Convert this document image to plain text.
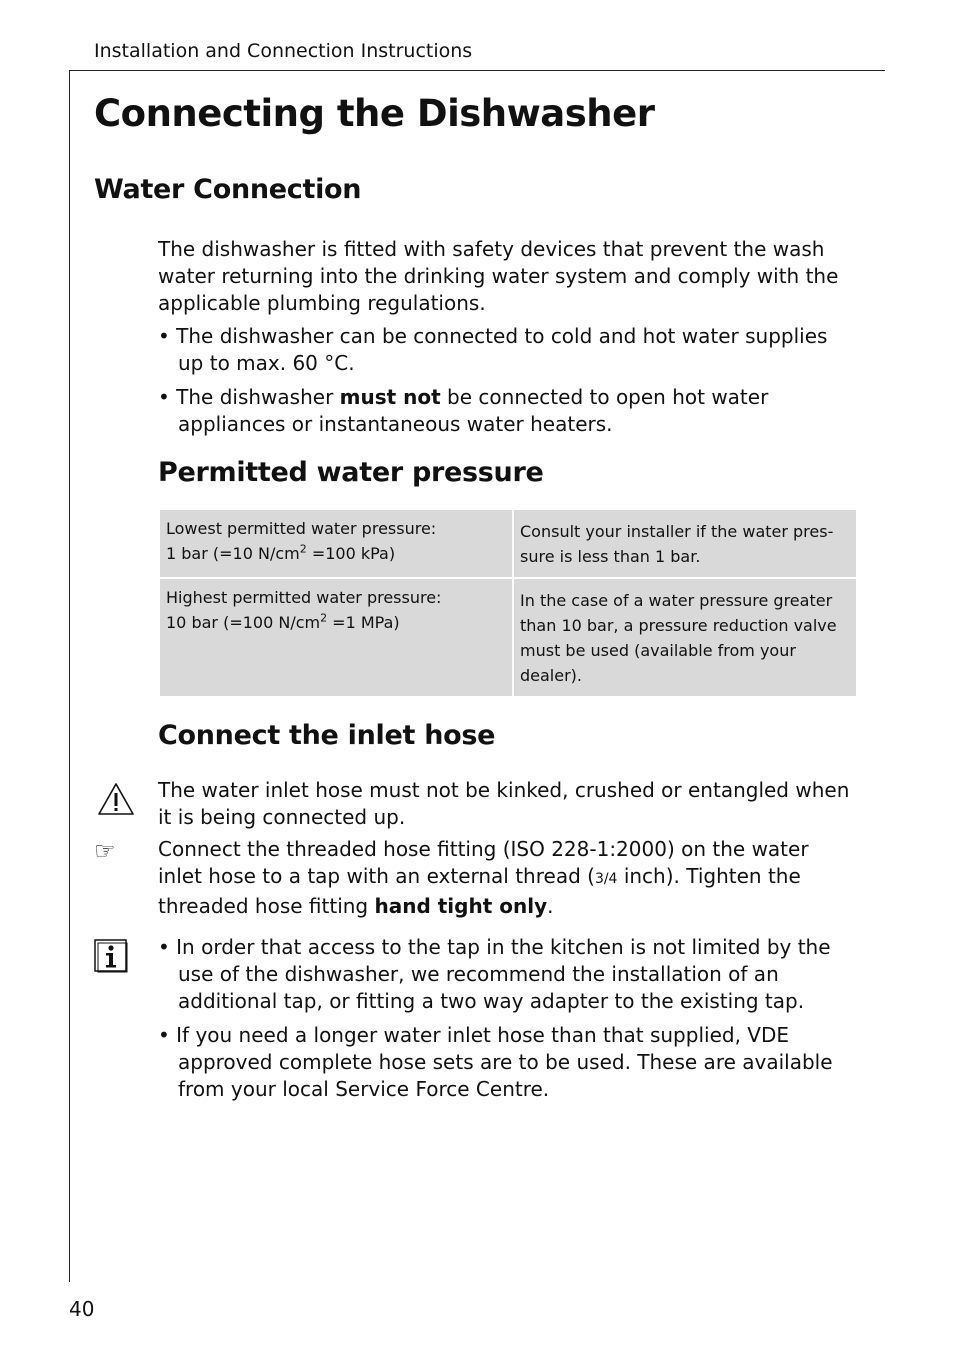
Installation and Connection Instructions
Connecting the Dishwasher
Water Connection
The dishwasher is fitted with safety devices that prevent the wash water returning into the drinking water system and comply with the applicable plumbing regulations.
• The dishwasher can be connected to cold and hot water supplies up to max. 60 °C.
• The dishwasher must not be connected to open hot water appliances or instantaneous water heaters.
Permitted water pressure
Lowest permitted water pressure:
1 bar (=10 $N/cm^2 =100$ kPa)	Consult your installer if the water pres-sure is less than 1 bar.

Highest permitted water pressure:
10 bar (=100 $N/cm^2 =1$ MPa)	In the case of a water pressure greater than 10 bar, a pressure reduction valve must be used (available from your dealer).
Connect the inlet hose
The water inlet hose must not be kinked, crushed or entangled when it is being connected up.
☞ Connect the threaded hose fitting (ISO 228-1:2000) on the water inlet hose to a tap with an external thread (3/4 inch). Tighten the threaded hose fitting hand tight only.
• In order that access to the tap in the kitchen is not limited by the use of the dishwasher, we recommend the installation of an additional tap, or fitting a two way adapter to the existing tap.
• If you need a longer water inlet hose than that supplied, VDE approved complete hose sets are to be used. These are available from your local Service Force Centre.
40
